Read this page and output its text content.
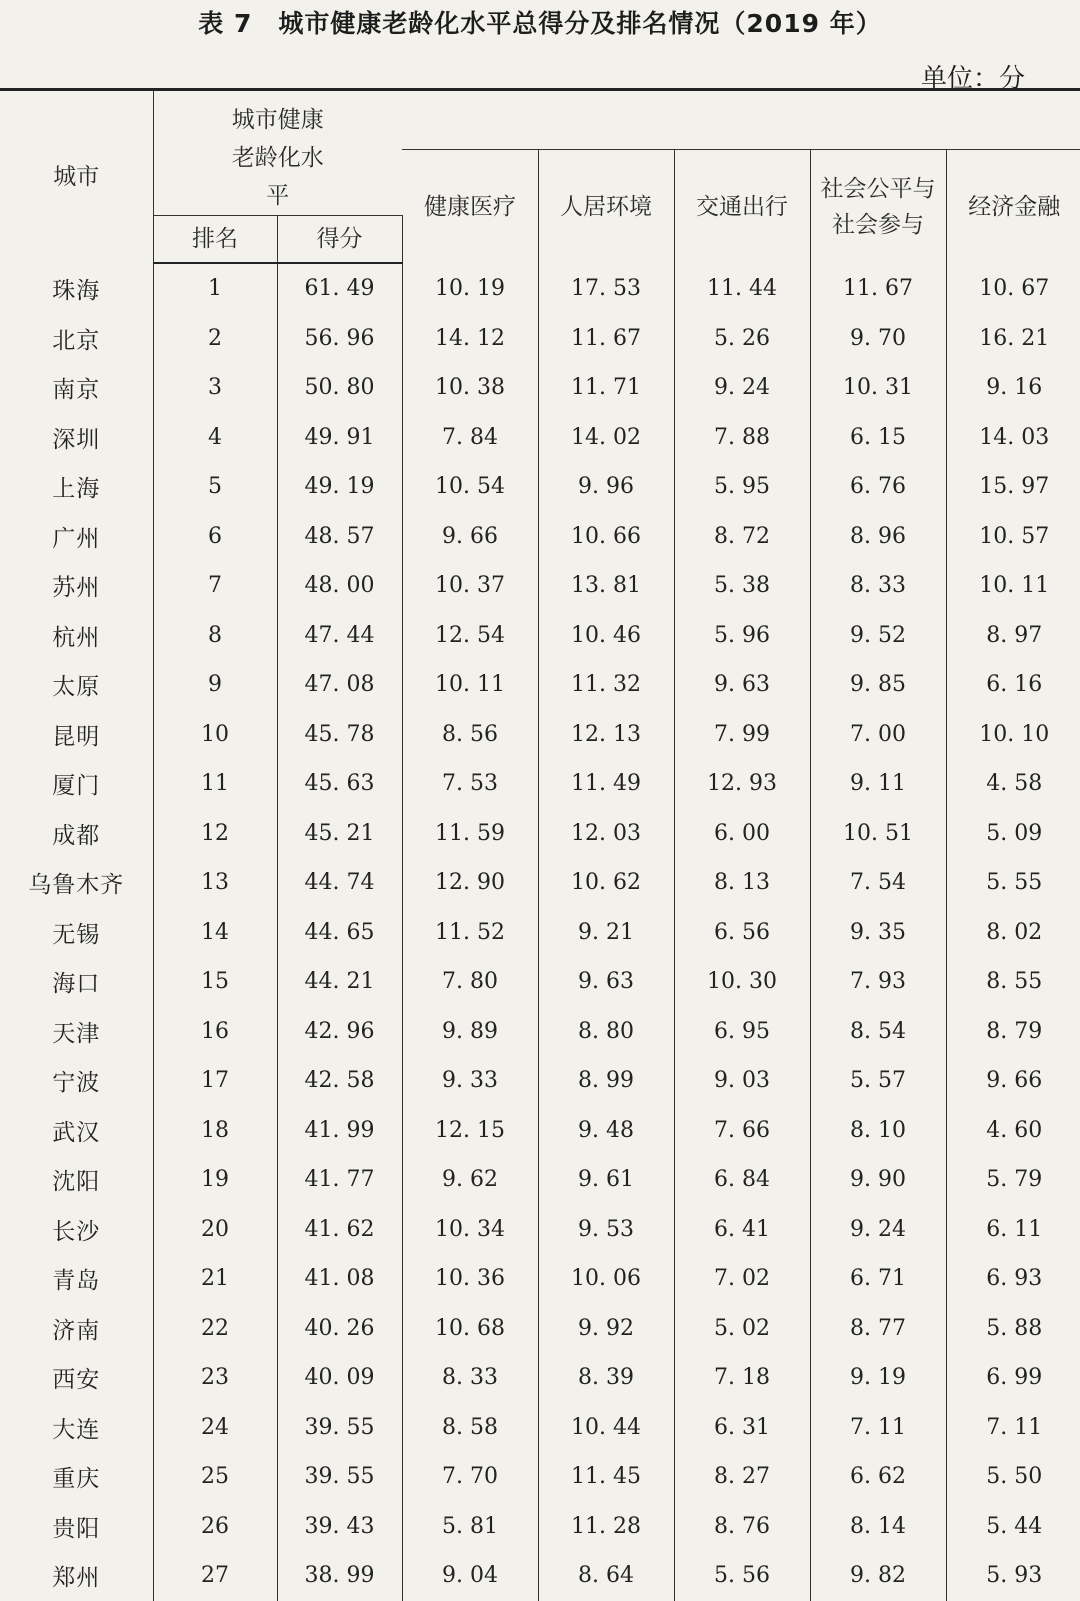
表 7 城市健康老龄化水平总得分及排名情况（2019 年）
单位：分
城市	城市健康老龄化水平						

			健康医疗	人居环境	交通出行	社会公平与社会参与	经济金融
	排名	得分					
珠海	1	61. 49	10. 19	17. 53	11. 44	11. 67	10. 67
北京	2	56. 96	14. 12	11. 67	5. 26	9. 70	16. 21
南京	3	50. 80	10. 38	11. 71	9. 24	10. 31	9. 16
深圳	4	49. 91	7. 84	14. 02	7. 88	6. 15	14. 03
上海	5	49. 19	10. 54	9. 96	5. 95	6. 76	15. 97
广州	6	48. 57	9. 66	10. 66	8. 72	8. 96	10. 57
苏州	7	48. 00	10. 37	13. 81	5. 38	8. 33	10. 11
杭州	8	47. 44	12. 54	10. 46	5. 96	9. 52	8. 97
太原	9	47. 08	10. 11	11. 32	9. 63	9. 85	6. 16
昆明	10	45. 78	8. 56	12. 13	7. 99	7. 00	10. 10
厦门	11	45. 63	7. 53	11. 49	12. 93	9. 11	4. 58
成都	12	45. 21	11. 59	12. 03	6. 00	10. 51	5. 09
乌鲁木齐	13	44. 74	12. 90	10. 62	8. 13	7. 54	5. 55
无锡	14	44. 65	11. 52	9. 21	6. 56	9. 35	8. 02
海口	15	44. 21	7. 80	9. 63	10. 30	7. 93	8. 55
天津	16	42. 96	9. 89	8. 80	6. 95	8. 54	8. 79
宁波	17	42. 58	9. 33	8. 99	9. 03	5. 57	9. 66
武汉	18	41. 99	12. 15	9. 48	7. 66	8. 10	4. 60
沈阳	19	41. 77	9. 62	9. 61	6. 84	9. 90	5. 79
长沙	20	41. 62	10. 34	9. 53	6. 41	9. 24	6. 11
青岛	21	41. 08	10. 36	10. 06	7. 02	6. 71	6. 93
济南	22	40. 26	10. 68	9. 92	5. 02	8. 77	5. 88
西安	23	40. 09	8. 33	8. 39	7. 18	9. 19	6. 99
大连	24	39. 55	8. 58	10. 44	6. 31	7. 11	7. 11
重庆	25	39. 55	7. 70	11. 45	8. 27	6. 62	5. 50
贵阳	26	39. 43	5. 81	11. 28	8. 76	8. 14	5. 44
郑州	27	38. 99	9. 04	8. 64	5. 56	9. 82	5. 93
